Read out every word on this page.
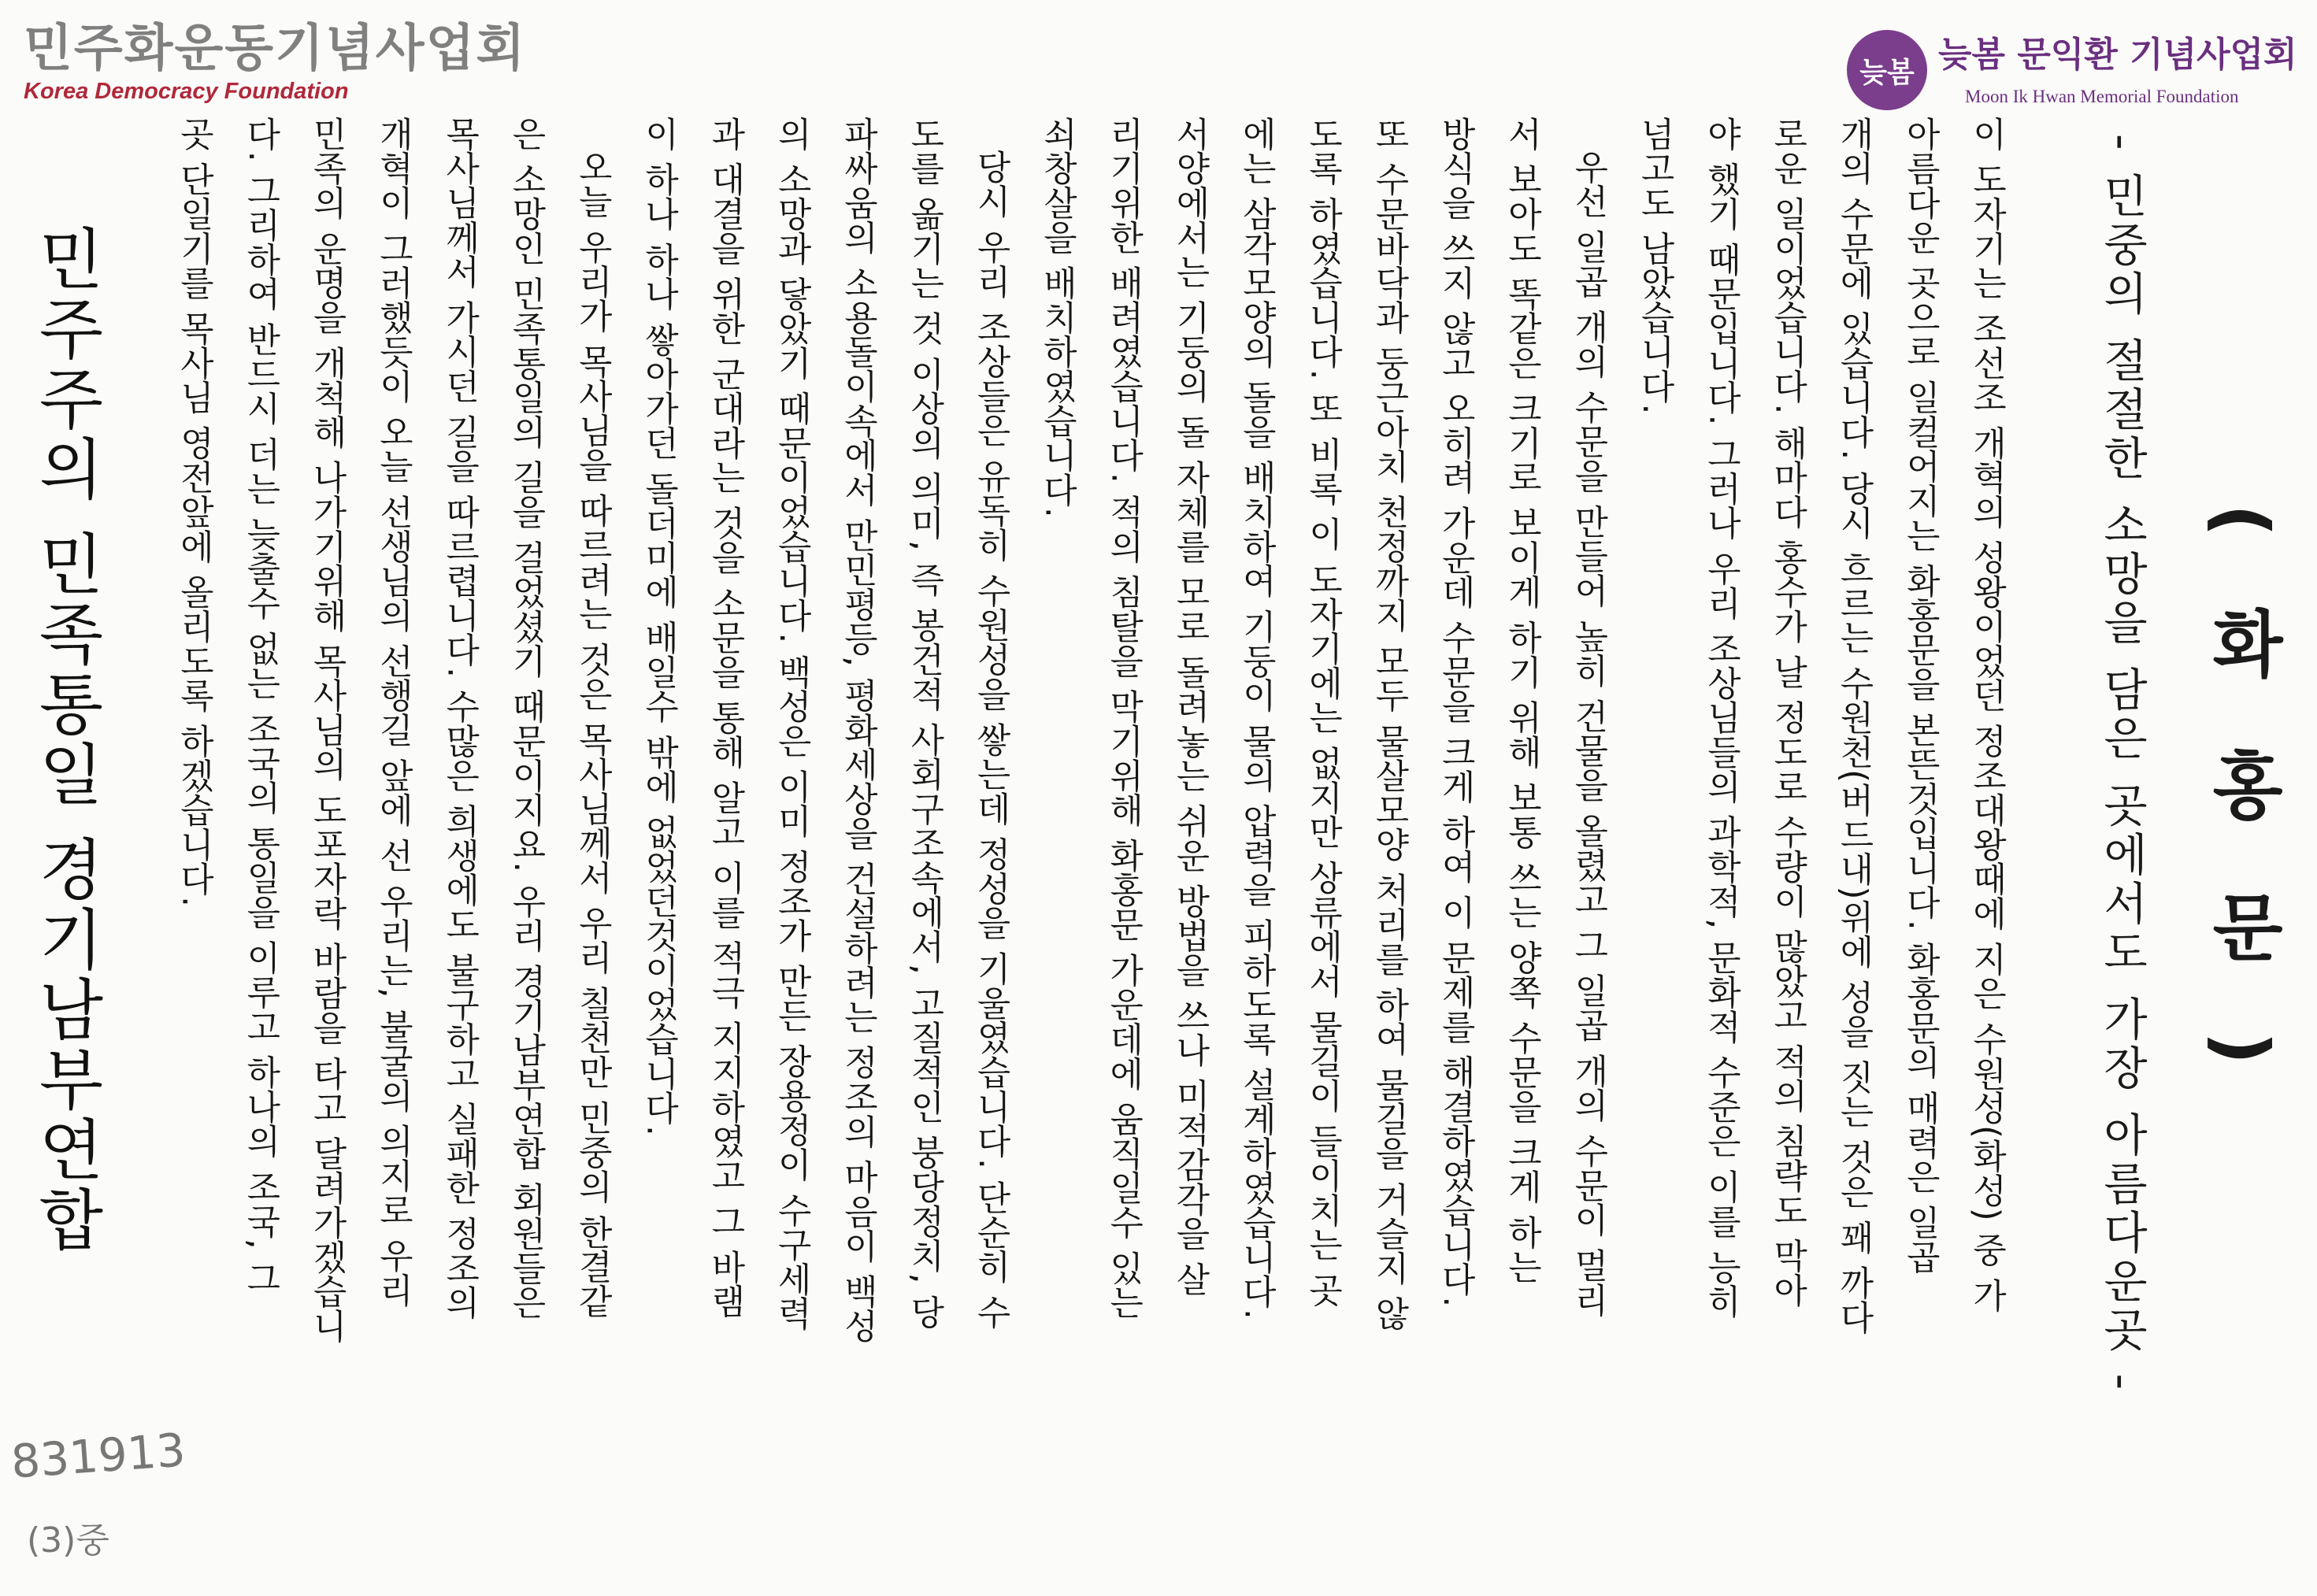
민주화운동기념사업회
Korea Democracy Foundation
늦봄 늦봄 문익환 기념사업회
Moon Ik Hwan Memorial Foundation
( 화 홍 문 )
- 민중의 절절한 소망을 담은 곳에서도 가장 아름다운곳 -
이 도자기는 조선조 개혁의 성왕이었던 정조대왕때에 지은 수원성(화성) 중 가
아름다운 곳으로 일컬어지는 화홍문을 본뜬것입니다. 화홍문의 매력은 일곱
개의 수문에 있습니다. 당시 흐르는 수원천(버드내)위에 성을 짓는 것은 꽤 까다
로운 일이었습니다. 해마다 홍수가 날 정도로 수량이 많았고 적의 침략도 막아
야 했기 때문입니다. 그러나 우리 조상님들의 과학적, 문화적 수준은 이를 능히
넘고도 남았습니다.
우선 일곱 개의 수문을 만들어 높히 건물을 올렸고 그 일곱 개의 수문이 멀리
서 보아도 똑같은 크기로 보이게 하기 위해 보통 쓰는 양쪽 수문을 크게 하는
방식을 쓰지 않고 오히려 가운데 수문을 크게 하여 이 문제를 해결하였습니다.
또 수문바닥과 둥근아치 천정까지 모두 물살모양 처리를 하여 물길을 거슬지 않
도록 하였습니다. 또 비록 이 도자기에는 없지만 상류에서 물길이 들이치는 곳
에는 삼각모양의 돌을 배치하여 기둥이 물의 압력을 피하도록 설계하였습니다.
서양에서는 기둥의 돌 자체를 모로 돌려놓는 쉬운 방법을 쓰나 미적감각을 살
리기위한 배려였습니다. 적의 침탈을 막기위해 화홍문 가운데에 움직일수 있는
쇠창살을 배치하였습니다.
당시 우리 조상들은 유독히 수원성을 쌓는데 정성을 기울였습니다. 단순히 수
도를 옮기는 것 이상의 의미, 즉 봉건적 사회구조속에서, 고질적인 붕당정치, 당
파싸움의 소용돌이속에서 만민평등, 평화세상을 건설하려는 정조의 마음이 백성
의 소망과 닿았기 때문이었습니다. 백성은 이미 정조가 만든 장용정이 수구세력
과 대결을 위한 군대라는 것을 소문을 통해 알고 이를 적극 지지하였고 그 바램
이 하나 하나 쌓아가던 돌더미에 배일수 밖에 없었던것이었습니다.
오늘 우리가 목사님을 따르려는 것은 목사님께서 우리 칠천만 민중의 한결같
은 소망인 민족통일의 길을 걸었셨기 때문이지요. 우리 경기남부연합 회원들은
목사님께서 가시던 길을 따르렵니다. 수많은 희생에도 불구하고 실패한 정조의
개혁이 그러했듯이 오늘 선생님의 선행길 앞에 선 우리는, 불굴의 의지로 우리
민족의 운명을 개척해 나가기위해 목사님의 도포자락 바람을 타고 달려가겠습니
다. 그리하여 반드시 더는 늦출수 없는 조국의 통일을 이루고 하나의 조국, 그
곳 단일기를 목사님 영전앞에 올리도록 하겠습니다.
민주주의 민족통일 경기남부연합
831913
(3)중
